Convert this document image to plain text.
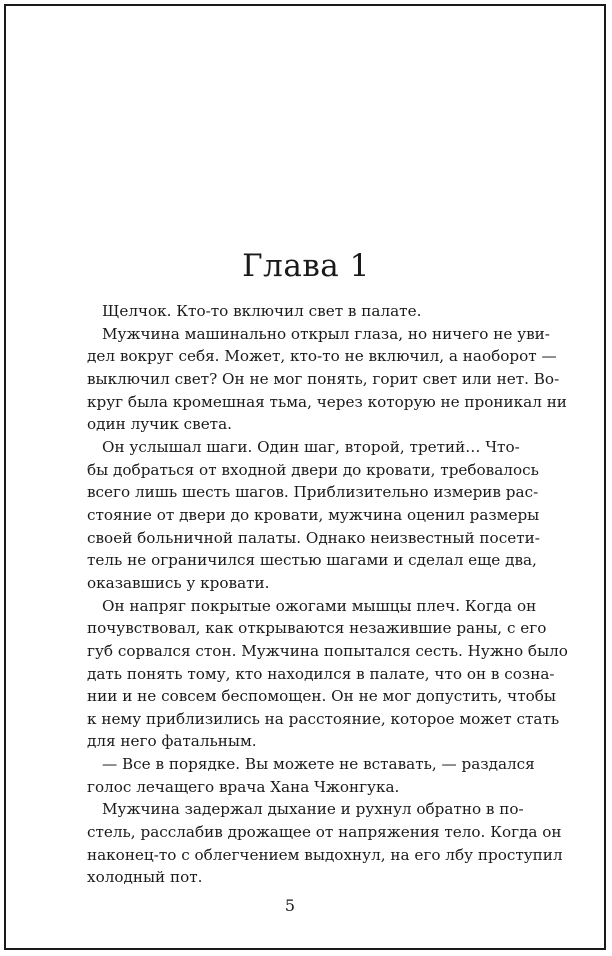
Глава 1

Щелчок. Кто-то включил свет в палате.

Мужчина машинально открыл глаза, но ничего не уви-
дел вокруг себя. Может, кто-то не включил, а наоборот —
выключил свет? Он не мог понять, горит свет или нет. Во-
круг была кромешная тьма, через которую не проникал ни
один лучик света.

Он услышал шаги. Один шаг, второй, третий… Что-
бы добраться от входной двери до кровати, требовалось
всего лишь шесть шагов. Приблизительно измерив рас-
стояние от двери до кровати, мужчина оценил размеры
своей больничной палаты. Однако неизвестный посети-
тель не ограничился шестью шагами и сделал еще два,
оказавшись у кровати.

Он напряг покрытые ожогами мышцы плеч. Когда он
почувствовал, как открываются незажившие раны, с его
губ сорвался стон. Мужчина попытался сесть. Нужно было
дать понять тому, кто находился в палате, что он в созна-
нии и не совсем беспомощен. Он не мог допустить, чтобы
к нему приблизились на расстояние, которое может стать
для него фатальным.

— Все в порядке. Вы можете не вставать, — раздался
голос лечащего врача Хана Чжонгука.

Мужчина задержал дыхание и рухнул обратно в по-
стель, расслабив дрожащее от напряжения тело. Когда он
наконец-то с облегчением выдохнул, на его лбу проступил
холодный пот.

5
